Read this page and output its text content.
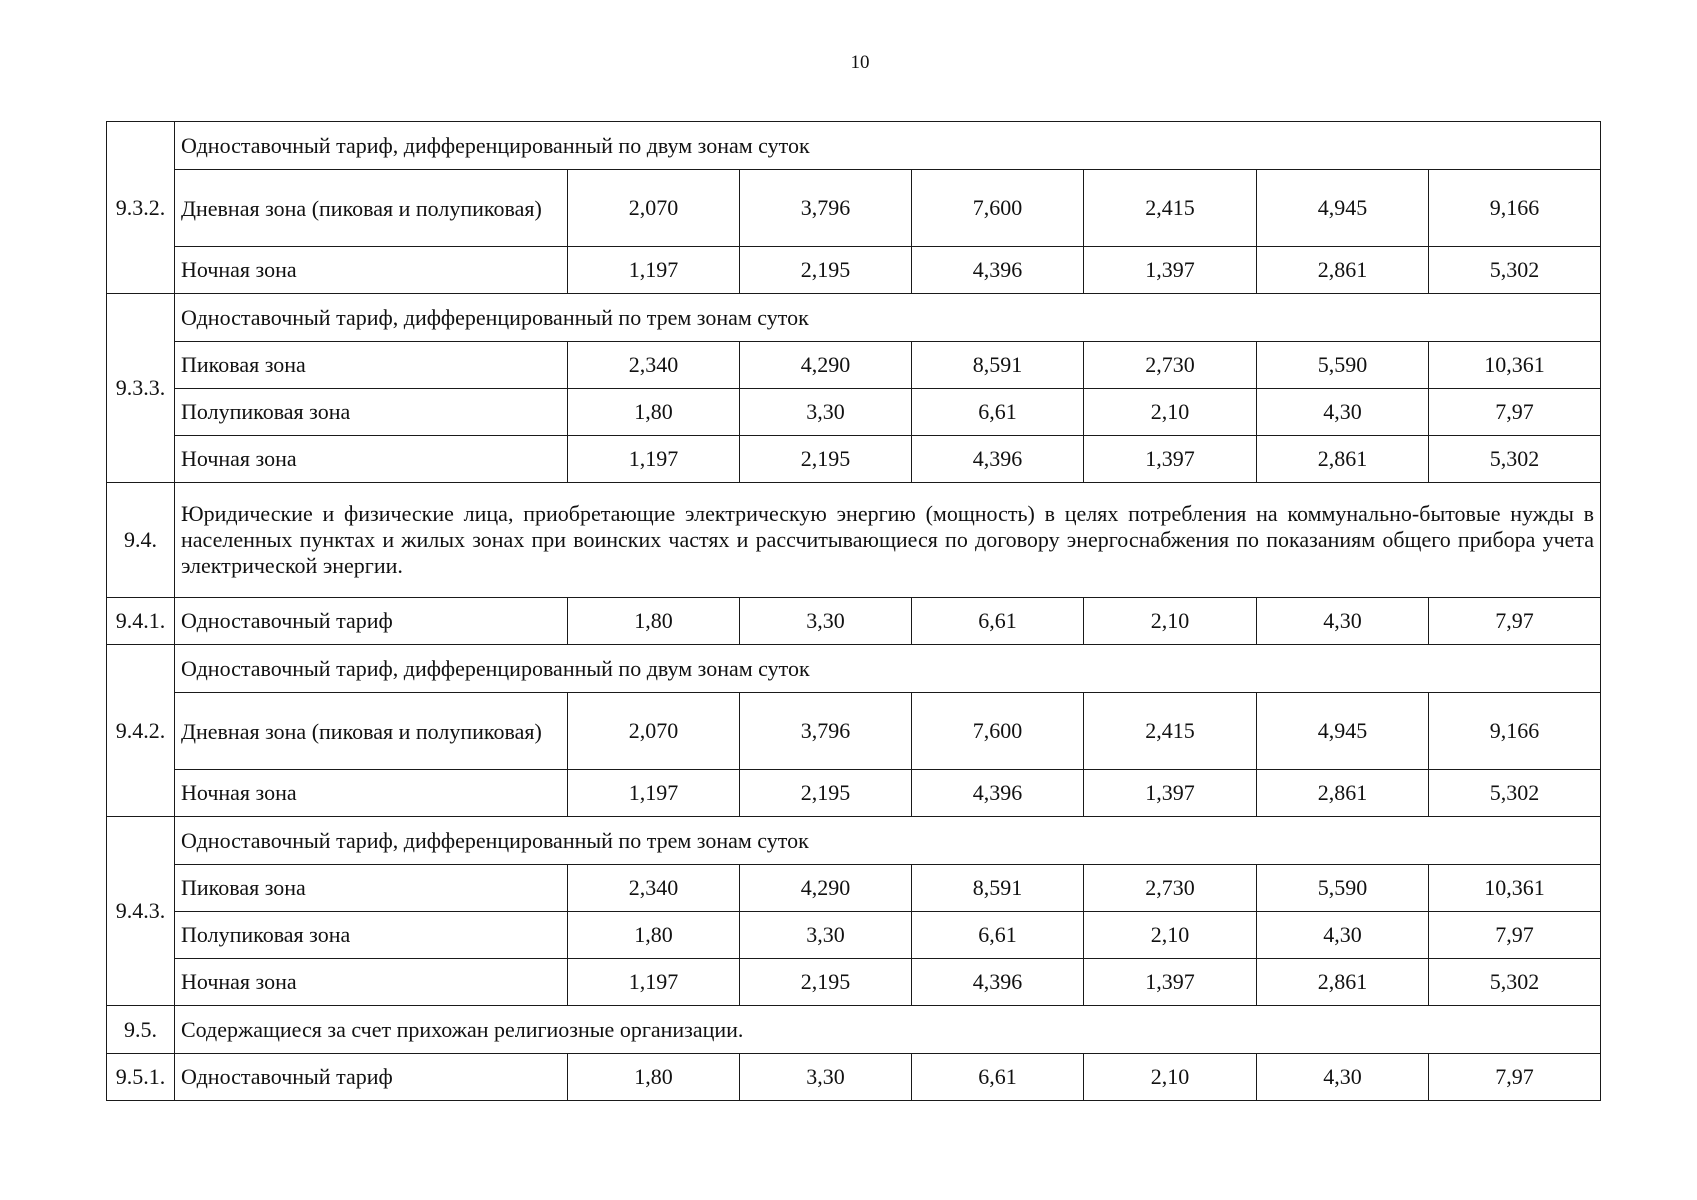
10
9.3.2.	Одноставочный тариф, дифференцированный по двум зонам суток						
	Дневная зона (пиковая и полупиковая)	2,070	3,796	7,600	2,415	4,945	9,166
	Ночная зона	1,197	2,195	4,396	1,397	2,861	5,302
9.3.3.	Одноставочный тариф, дифференцированный по трем зонам суток						
	Пиковая зона	2,340	4,290	8,591	2,730	5,590	10,361
	Полупиковая зона	1,80	3,30	6,61	2,10	4,30	7,97
	Ночная зона	1,197	2,195	4,396	1,397	2,861	5,302
9.4.	Юридические и физические лица, приобретающие электрическую энергию (мощность) в целях потребления на коммунально-бытовые нужды в населенных пунктах и жилых зонах при воинских частях и рассчитывающиеся по договору энергоснабжения по показаниям общего прибора учета электрической энергии.						
9.4.1.	Одноставочный тариф	1,80	3,30	6,61	2,10	4,30	7,97
9.4.2.	Одноставочный тариф, дифференцированный по двум зонам суток						
	Дневная зона (пиковая и полупиковая)	2,070	3,796	7,600	2,415	4,945	9,166
	Ночная зона	1,197	2,195	4,396	1,397	2,861	5,302
9.4.3.	Одноставочный тариф, дифференцированный по трем зонам суток						
	Пиковая зона	2,340	4,290	8,591	2,730	5,590	10,361
	Полупиковая зона	1,80	3,30	6,61	2,10	4,30	7,97
	Ночная зона	1,197	2,195	4,396	1,397	2,861	5,302
9.5.	Содержащиеся за счет прихожан религиозные организации.						
9.5.1.	Одноставочный тариф	1,80	3,30	6,61	2,10	4,30	7,97
